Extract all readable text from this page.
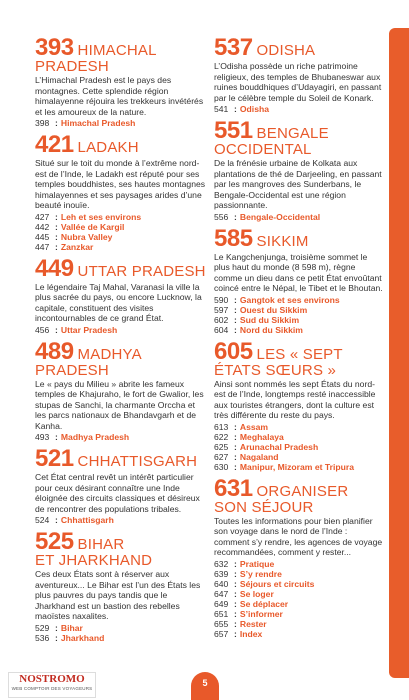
393 HIMACHAL
PRADESH
L’Himachal Pradesh est le pays des montagnes. Cette splendide région himalayenne réjouira les trekkeurs invétérés et les amoureux de la nature.
398 : Himachal Pradesh
421 LADAKH
Situé sur le toit du monde à l’extrême nord-est de l’Inde, le Ladakh est réputé pour ses temples bouddhistes, ses hautes montagnes himalayennes et ses paysages arides d’une beauté inouïe.
427 : Leh et ses environs
442 : Vallée de Kargil
445 : Nubra Valley
447 : Zanzkar
449 UTTAR PRADESH
Le légendaire Taj Mahal, Varanasi la ville la plus sacrée du pays, ou encore Lucknow, la capitale, constituent des visites incontournables de ce grand État.
456 : Uttar Pradesh
489 MADHYA
PRADESH
Le « pays du Milieu » abrite les fameux temples de Khajuraho, le fort de Gwalior, les stupas de Sanchi, la charmante Orccha et les parcs nationaux de Bhandavgarh et de Kanha.
493 : Madhya Pradesh
521 CHHATTISGARH
Cet État central revêt un intérêt particulier pour ceux désirant connaître une Inde éloignée des circuits classiques et désireux de rencontrer des populations tribales.
524 : Chhattisgarh
525 BIHAR
ET JHARKHAND
Ces deux États sont à réserver aux aventureux... Le Bihar est l’un des États les plus pauvres du pays tandis que le Jharkhand est un bastion des rebelles maoïstes naxalites.
529 : Bihar
536 : Jharkhand
537 ODISHA
L’Odisha possède un riche patrimoine religieux, des temples de Bhubaneswar aux ruines bouddhiques d’Udayagiri, en passant par le célèbre temple du Soleil de Konark.
541 : Odisha
551 BENGALE
OCCIDENTAL
De la frénésie urbaine de Kolkata aux plantations de thé de Darjeeling, en passant par les mangroves des Sunderbans, le Bengale-Occidental est une région passionnante.
556 : Bengale-Occidental
585 SIKKIM
Le Kangchenjunga, troisième sommet le plus haut du monde (8 598 m), règne comme un dieu dans ce petit État envoûtant coincé entre le Népal, le Tibet et le Bhoutan.
590 : Gangtok et ses environs
597 : Ouest du Sikkim
602 : Sud du Sikkim
604 : Nord du Sikkim
605 LES « SEPT
ÉTATS SŒURS »
Ainsi sont nommés les sept États du nord-est de l’Inde, longtemps resté inaccessible aux touristes étrangers, dont la culture est très différente du reste du pays.
613 : Assam
622 : Meghalaya
625 : Arunachal Pradesh
627 : Nagaland
630 : Manipur, Mizoram et Tripura
631 ORGANISER
SON SÉJOUR
Toutes les informations pour bien planifier son voyage dans le nord de l’Inde : comment s’y rendre, les agences de voyage recommandées, comment y rester...
632 : Pratique
639 : S’y rendre
640 : Séjours et circuits
647 : Se loger
649 : Se déplacer
651 : S’informer
655 : Rester
657 : Index
NOSTROMO
WEB COMPTOIR DES VOYAGEURS
5
